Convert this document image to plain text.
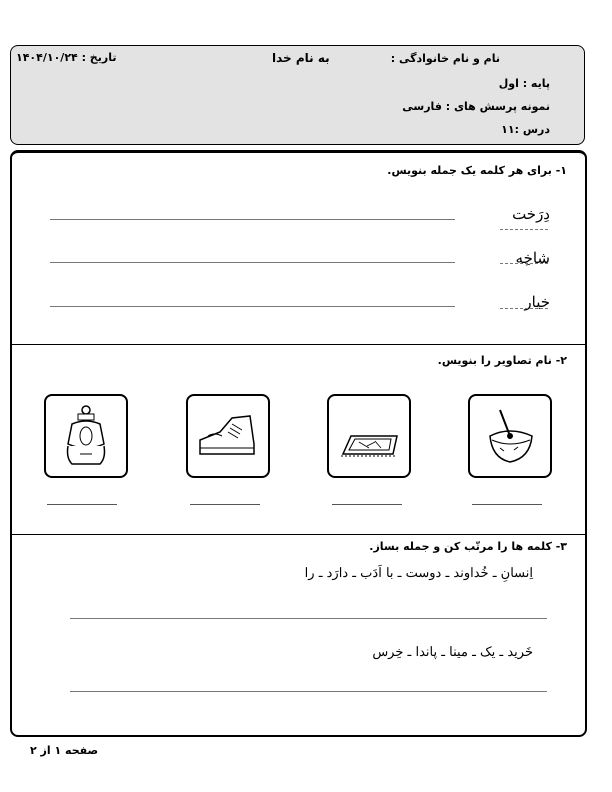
نام و نام خانوادگی :
به نام خدا
تاریخ : ۱۴۰۴/۱۰/۲۴
پایه : اول
نمونه پرسش های : فارسی
درس :۱۱
۱- برای هر کلمه یک جمله بنویس.
دِرَخت
شاخِه
خیار
۲- نام تصاویر را بنویس.
۳- کلمه ها را مرتّب کن و جمله بساز.
اِنسانِ ـ خُداوند ـ دوست ـ با اَدَب ـ دارَد ـ را
خَرید ـ یک ـ مینا ـ پاندا ـ خِرس
صفحه ۱ از ۲
